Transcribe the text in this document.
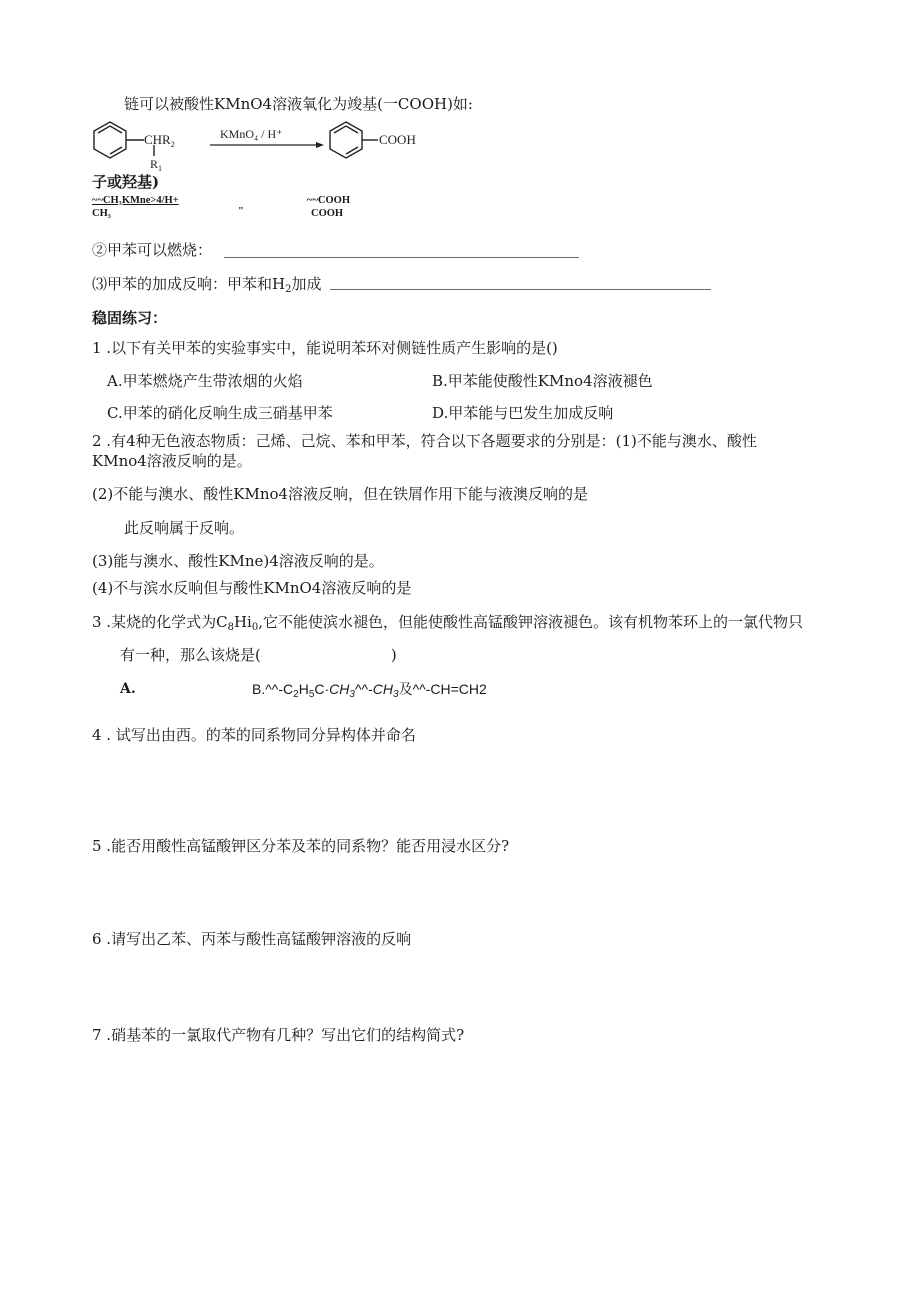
链可以被酸性KMnO4溶液氧化为竣基(一COOH)如:
$CHR_2$
$R_1$
KMnO₄ / H⁺	COOH
子或羟基)
~~CH₃KMne>4/H+
CH₃	"
~~COOH
COOH
②甲苯可以燃烧：
⑶甲苯的加成反响：甲苯和$H_2$加成
稳固练习：
1 .以下有关甲苯的实验事实中，能说明苯环对侧链性质产生影响的是()
A.甲苯燃烧产生带浓烟的火焰	B.甲苯能使酸性KMno4溶液褪色
C.甲苯的硝化反响生成三硝基甲苯	D.甲苯能与巴发生加成反响
2 .有4种无色液态物质：己烯、己烷、苯和甲苯，符合以下各题要求的分别是：(1)不能与澳水、酸性
KMno4溶液反响的是。
(2)不能与澳水、酸性KMno4溶液反响，但在铁屑作用下能与液澳反响的是
此反响属于反响。
(3)能与澳水、酸性KMne)4溶液反响的是。
(4)不与滨水反响但与酸性KMnO4溶液反响的是
3 .某烧的化学式为$C_8Hi_0$,它不能使滨水褪色，但能使酸性高锰酸钾溶液褪色。该有机物苯环上的一氯代物只
有一种，那么该烧是(	)
A.	$B.\^{}\^{}-C_2H_5C\cdot CH_3\^{}\^{}-CH_3$及^^-CH=CH2
4 . 试写出由西。的苯的同系物同分异构体并命名
5 .能否用酸性高锰酸钾区分苯及苯的同系物？能否用浸水区分?
6 .请写出乙苯、丙苯与酸性高锰酸钾溶液的反响
7 .硝基苯的一氯取代产物有几种？写出它们的结构简式?
